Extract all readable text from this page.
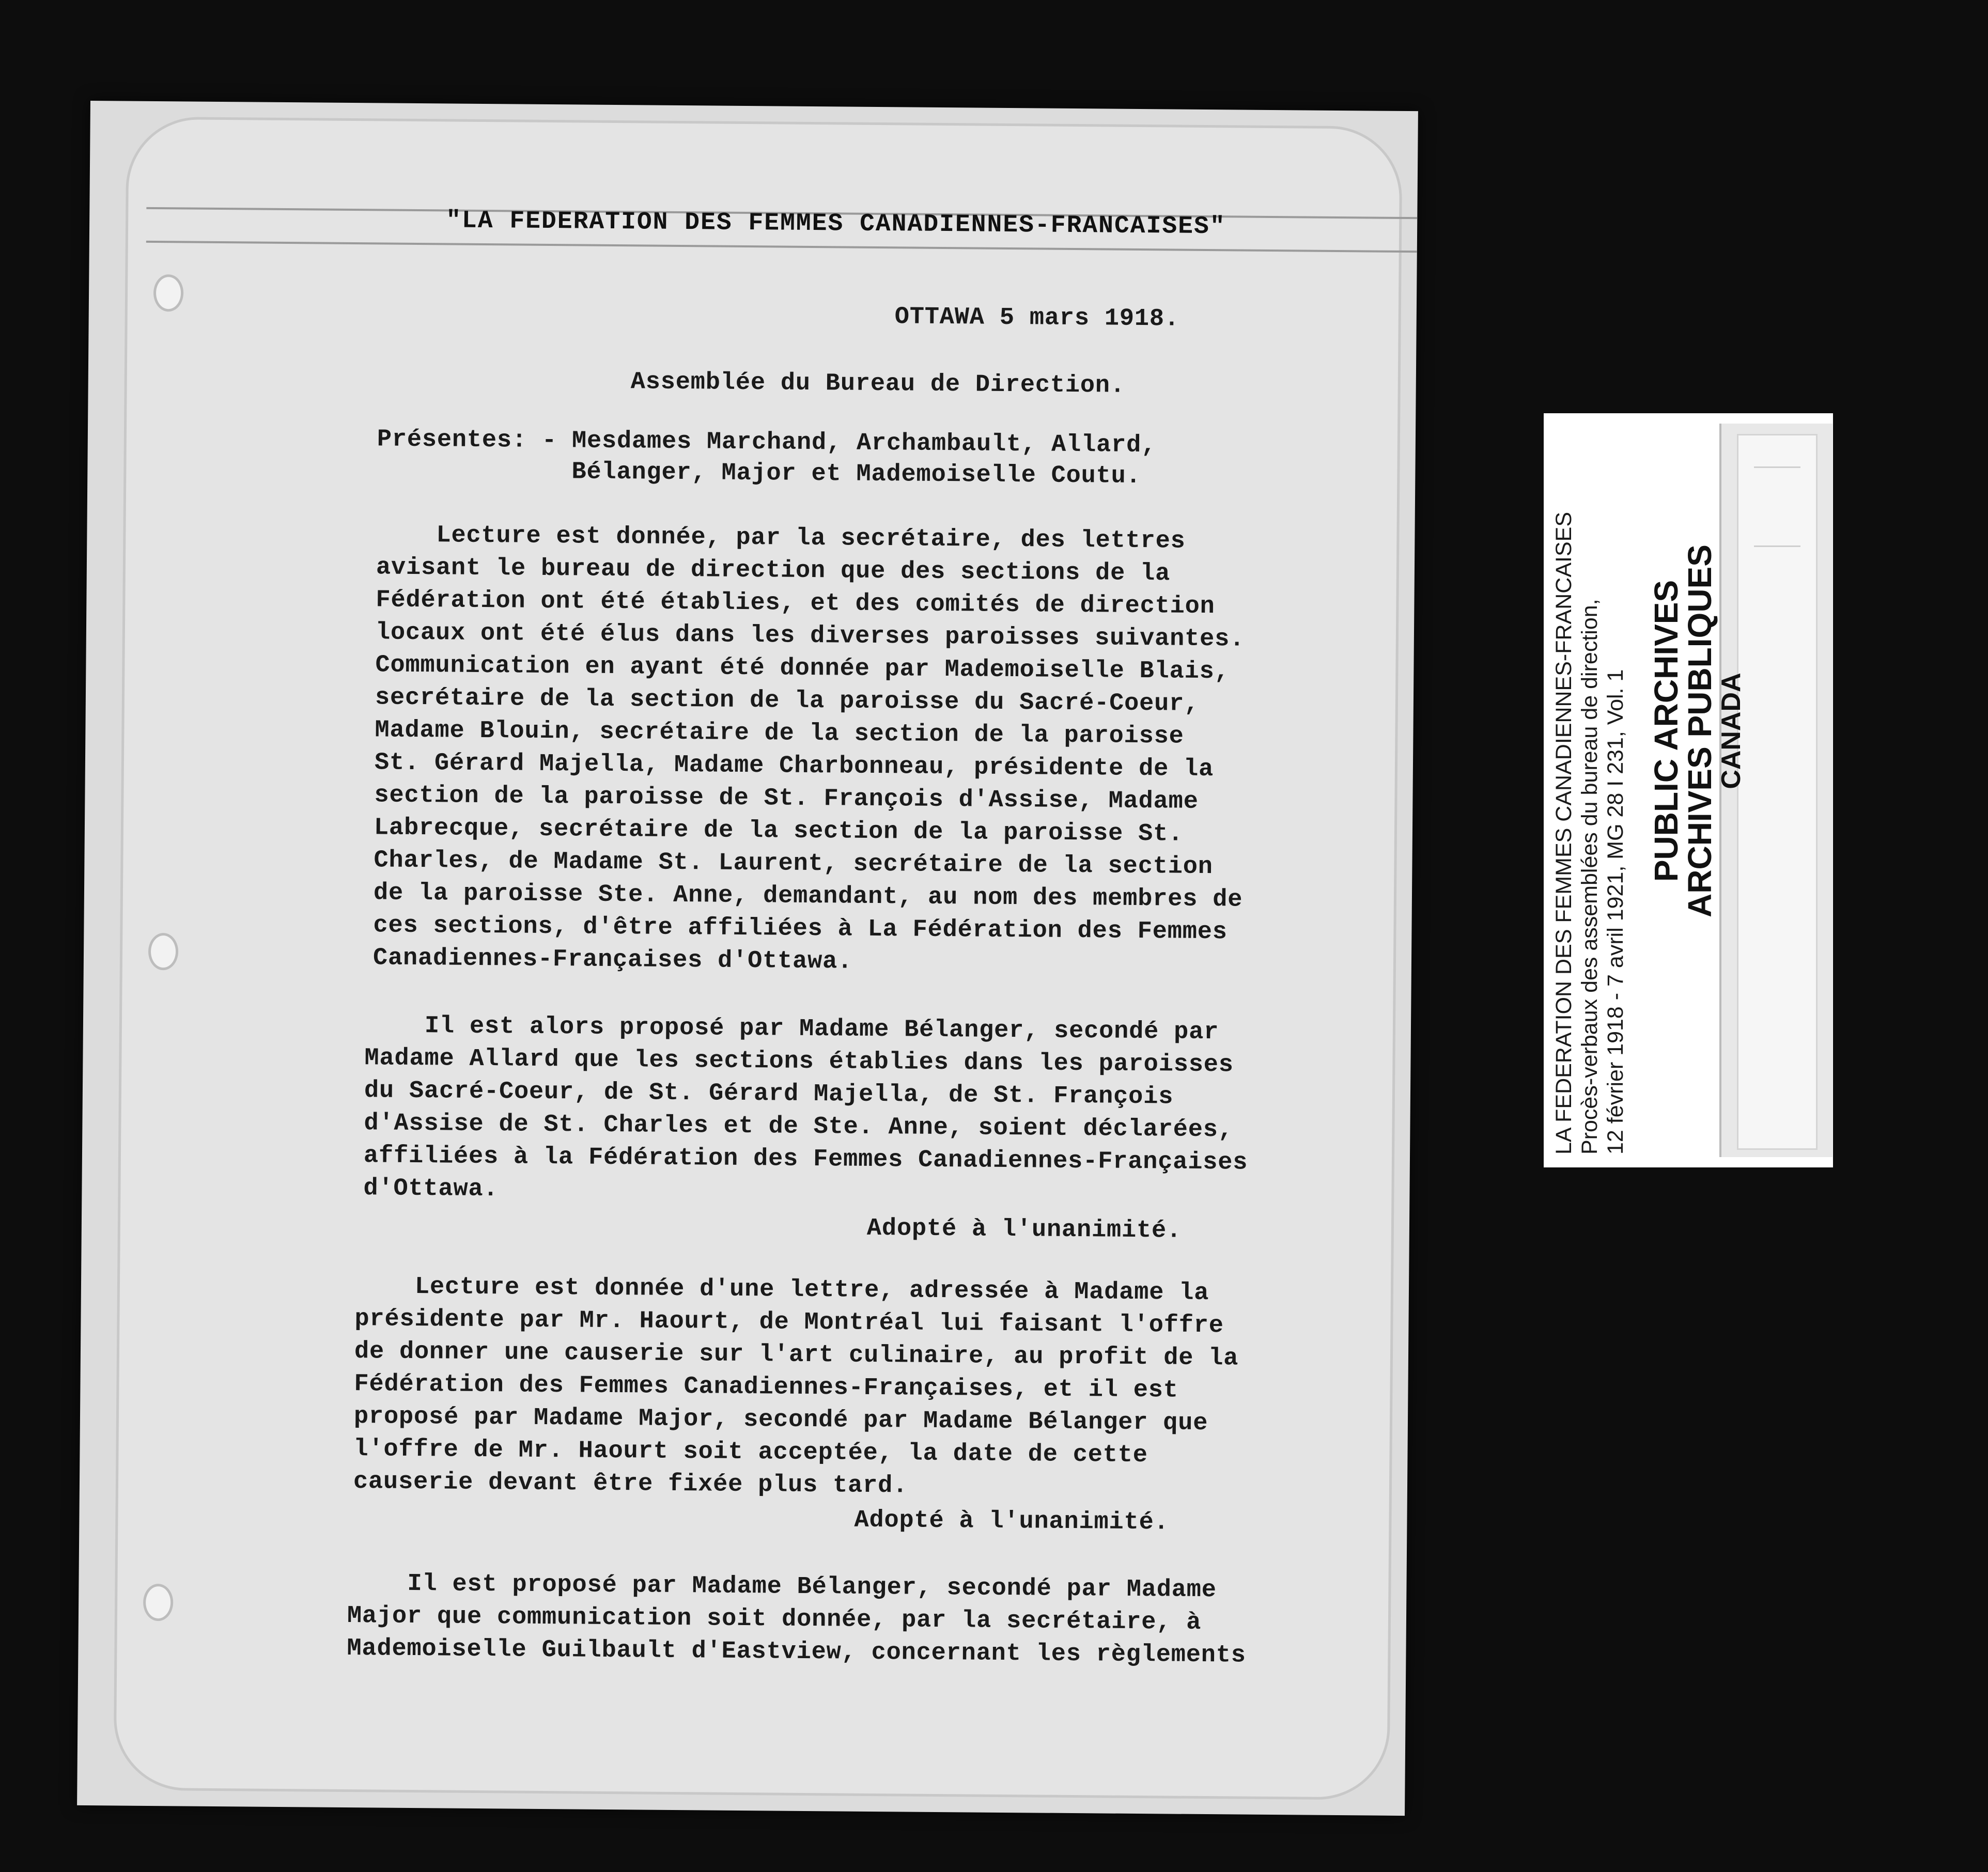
"LA FEDERATION DES FEMMES CANADIENNES-FRANCAISES"
OTTAWA 5 mars 1918.
Assemblée du Bureau de Direction.
Présentes: - Mesdames Marchand, Archambault, Allard,
Bélanger, Major et Mademoiselle Coutu.
Lecture est donnée, par la secrétaire, des lettres
avisant le bureau de direction que des sections de la
Fédération ont été établies, et des comités de direction
locaux ont été élus dans les diverses paroisses suivantes.
Communication en ayant été donnée par Mademoiselle Blais,
secrétaire de la section de la paroisse du Sacré-Coeur,
Madame Blouin, secrétaire de la section de la paroisse
St. Gérard Majella, Madame Charbonneau, présidente de la
section de la paroisse de St. François d'Assise, Madame
Labrecque, secrétaire de la section de la paroisse St.
Charles, de Madame St. Laurent, secrétaire de la section
de la paroisse Ste. Anne, demandant, au nom des membres de
ces sections, d'être affiliées à La Fédération des Femmes
Canadiennes-Françaises d'Ottawa.
Il est alors proposé par Madame Bélanger, secondé par
Madame Allard que les sections établies dans les paroisses
du Sacré-Coeur, de St. Gérard Majella, de St. François
d'Assise de St. Charles et de Ste. Anne, soient déclarées,
affiliées à la Fédération des Femmes Canadiennes-Françaises
d'Ottawa.
Adopté à l'unanimité.
Lecture est donnée d'une lettre, adressée à Madame la
présidente par Mr. Haourt, de Montréal lui faisant l'offre
de donner une causerie sur l'art culinaire, au profit de la
Fédération des Femmes Canadiennes-Françaises, et il est
proposé par Madame Major, secondé par Madame Bélanger que
l'offre de Mr. Haourt soit acceptée, la date de cette
causerie devant être fixée plus tard.
Adopté à l'unanimité.
Il est proposé par Madame Bélanger, secondé par Madame
Major que communication soit donnée, par la secrétaire, à
Mademoiselle Guilbault d'Eastview, concernant les règlements
LA FEDERATION DES FEMMES CANADIENNES-FRANCAISES Procès-verbaux des assemblées du bureau de direction, 12 février 1918 - 7 avril 1921, MG 28 I 231, Vol. 1 PUBLIC ARCHIVES
ARCHIVES PUBLIQUES
CANADA
